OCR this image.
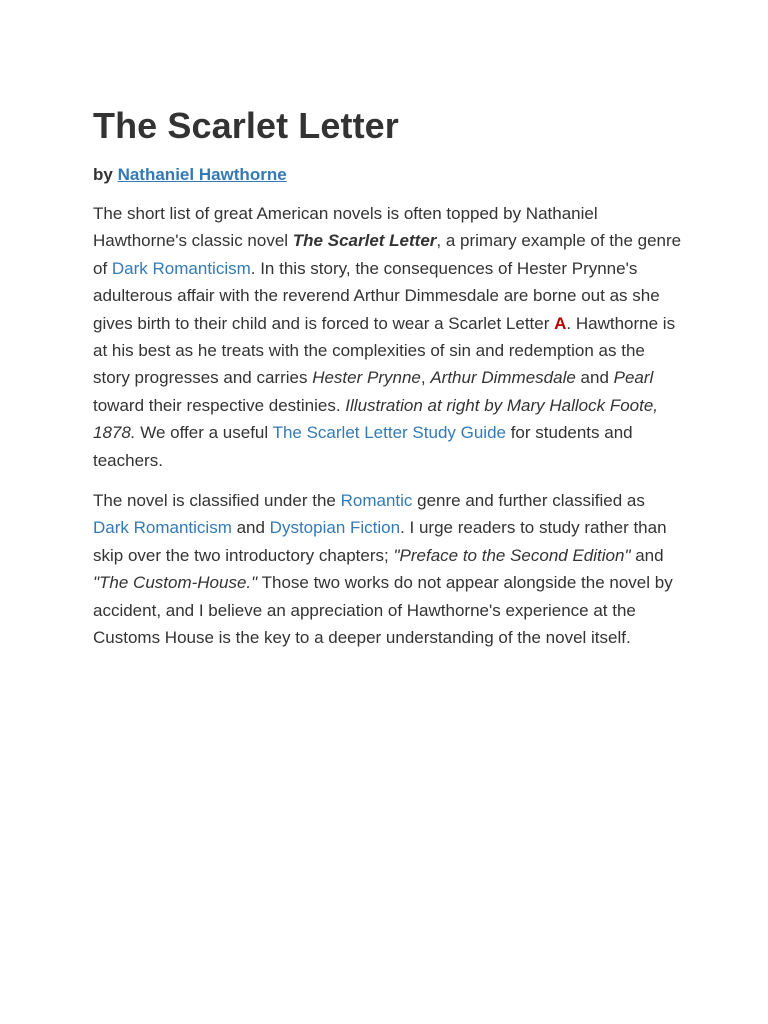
The Scarlet Letter
by Nathaniel Hawthorne

The short list of great American novels is often topped by Nathaniel Hawthorne's classic novel The Scarlet Letter, a primary example of the genre of Dark Romanticism. In this story, the consequences of Hester Prynne's adulterous affair with the reverend Arthur Dimmesdale are borne out as she gives birth to their child and is forced to wear a Scarlet Letter A. Hawthorne is at his best as he treats with the complexities of sin and redemption as the story progresses and carries Hester Prynne, Arthur Dimmesdale and Pearl toward their respective destinies. Illustration at right by Mary Hallock Foote, 1878. We offer a useful The Scarlet Letter Study Guide for students and teachers.

The novel is classified under the Romantic genre and further classified as Dark Romanticism and Dystopian Fiction. I urge readers to study rather than skip over the two introductory chapters; "Preface to the Second Edition" and "The Custom-House." Those two works do not appear alongside the novel by accident, and I believe an appreciation of Hawthorne's experience at the Customs House is the key to a deeper understanding of the novel itself.
